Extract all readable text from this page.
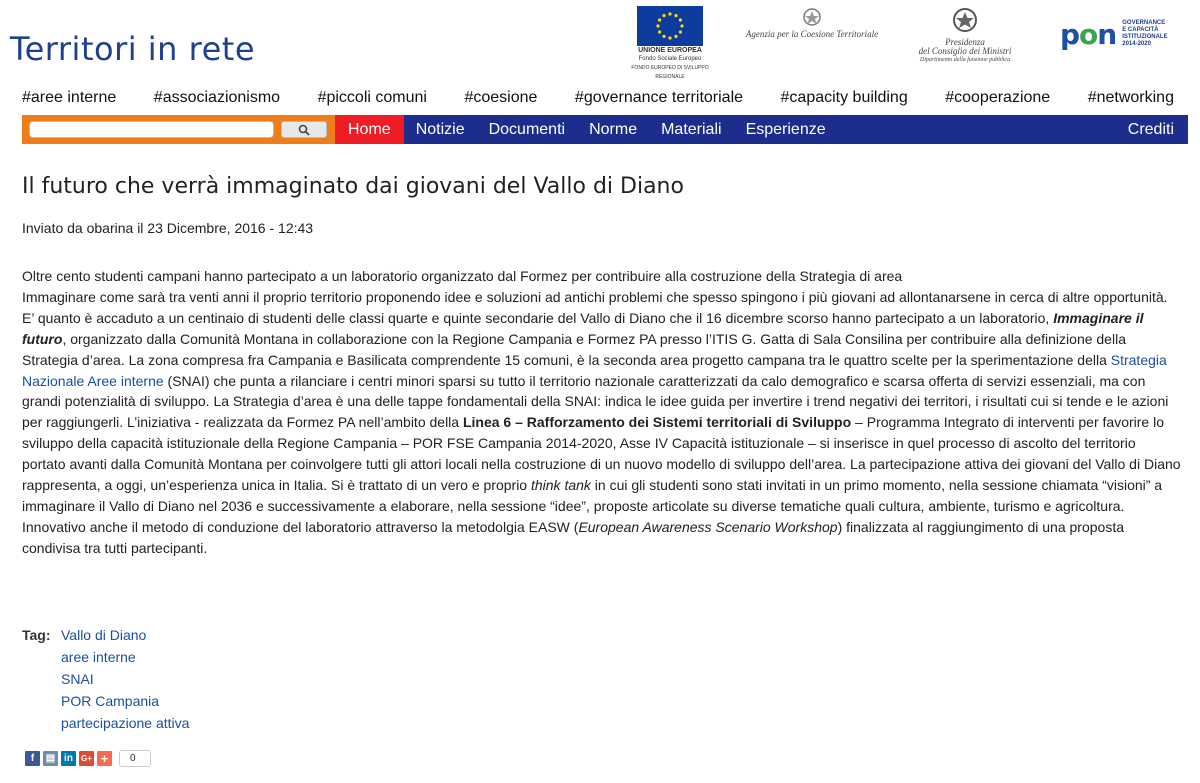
Territori in rete	UNIONE EUROPEA
Fondo Sociale Europeo
FONDO EUROPEO DI SVILUPPO REGIONALE
Agenzia per la Coesione Territoriale
Presidenza
del Consiglio dei Ministri
Dipartimento della funzione pubblica
pon GOVERNANCE
E CAPACITÀ
ISTITUZIONALE
2014-2020
#aree interne #associazionismo #piccoli comuni #coesione #governance territoriale #capacity building #cooperazione #networking
Home	Notizie	Documenti	Norme	Materiali	Esperienze	Crediti
Il futuro che verrà immaginato dai giovani del Vallo di Diano
Inviato da obarina il 23 Dicembre, 2016 - 12:43
Oltre cento studenti campani hanno partecipato a un laboratorio organizzato dal Formez per contribuire alla costruzione della Strategia di area
Immaginare come sarà tra venti anni il proprio territorio proponendo idee e soluzioni ad antichi problemi che spesso spingono i più giovani ad allontanarsene in cerca di altre opportunità. E’ quanto è accaduto a un centinaio di studenti delle classi quarte e quinte secondarie del Vallo di Diano che il 16 dicembre scorso hanno partecipato a un laboratorio, Immaginare il futuro, organizzato dalla Comunità Montana in collaborazione con la Regione Campania e Formez PA presso l’ITIS G. Gatta di Sala Consilina per contribuire alla definizione della Strategia d’area. La zona compresa fra Campania e Basilicata comprendente 15 comuni, è la seconda area progetto campana tra le quattro scelte per la sperimentazione della Strategia Nazionale Aree interne (SNAI) che punta a rilanciare i centri minori sparsi su tutto il territorio nazionale caratterizzati da calo demografico e scarsa offerta di servizi essenziali, ma con grandi potenzialità di sviluppo. La Strategia d’area è una delle tappe fondamentali della SNAI: indica le idee guida per invertire i trend negativi dei territori, i risultati cui si tende e le azioni per raggiungerli. L’iniziativa - realizzata da Formez PA nell’ambito della Linea 6 – Rafforzamento dei Sistemi territoriali di Sviluppo – Programma Integrato di interventi per favorire lo sviluppo della capacità istituzionale della Regione Campania – POR FSE Campania 2014-2020, Asse IV Capacità istituzionale – si inserisce in quel processo di ascolto del territorio portato avanti dalla Comunità Montana per coinvolgere tutti gli attori locali nella costruzione di un nuovo modello di sviluppo dell’area. La partecipazione attiva dei giovani del Vallo di Diano rappresenta, a oggi, un’esperienza unica in Italia. Si è trattato di un vero e proprio think tank in cui gli studenti sono stati invitati in un primo momento, nella sessione chiamata “visioni” a immaginare il Vallo di Diano nel 2036 e successivamente a elaborare, nella sessione “idee”, proposte articolate su diverse tematiche quali cultura, ambiente, turismo e agricoltura. Innovativo anche il metodo di conduzione del laboratorio attraverso la metodolgia EASW (European Awareness Scenario Workshop) finalizzata al raggiungimento di una proposta condivisa tra tutti partecipanti.
Tag: Vallo di Diano
aree interne
SNAI
POR Campania
partecipazione attiva
f	▤ in	G+ +	0
